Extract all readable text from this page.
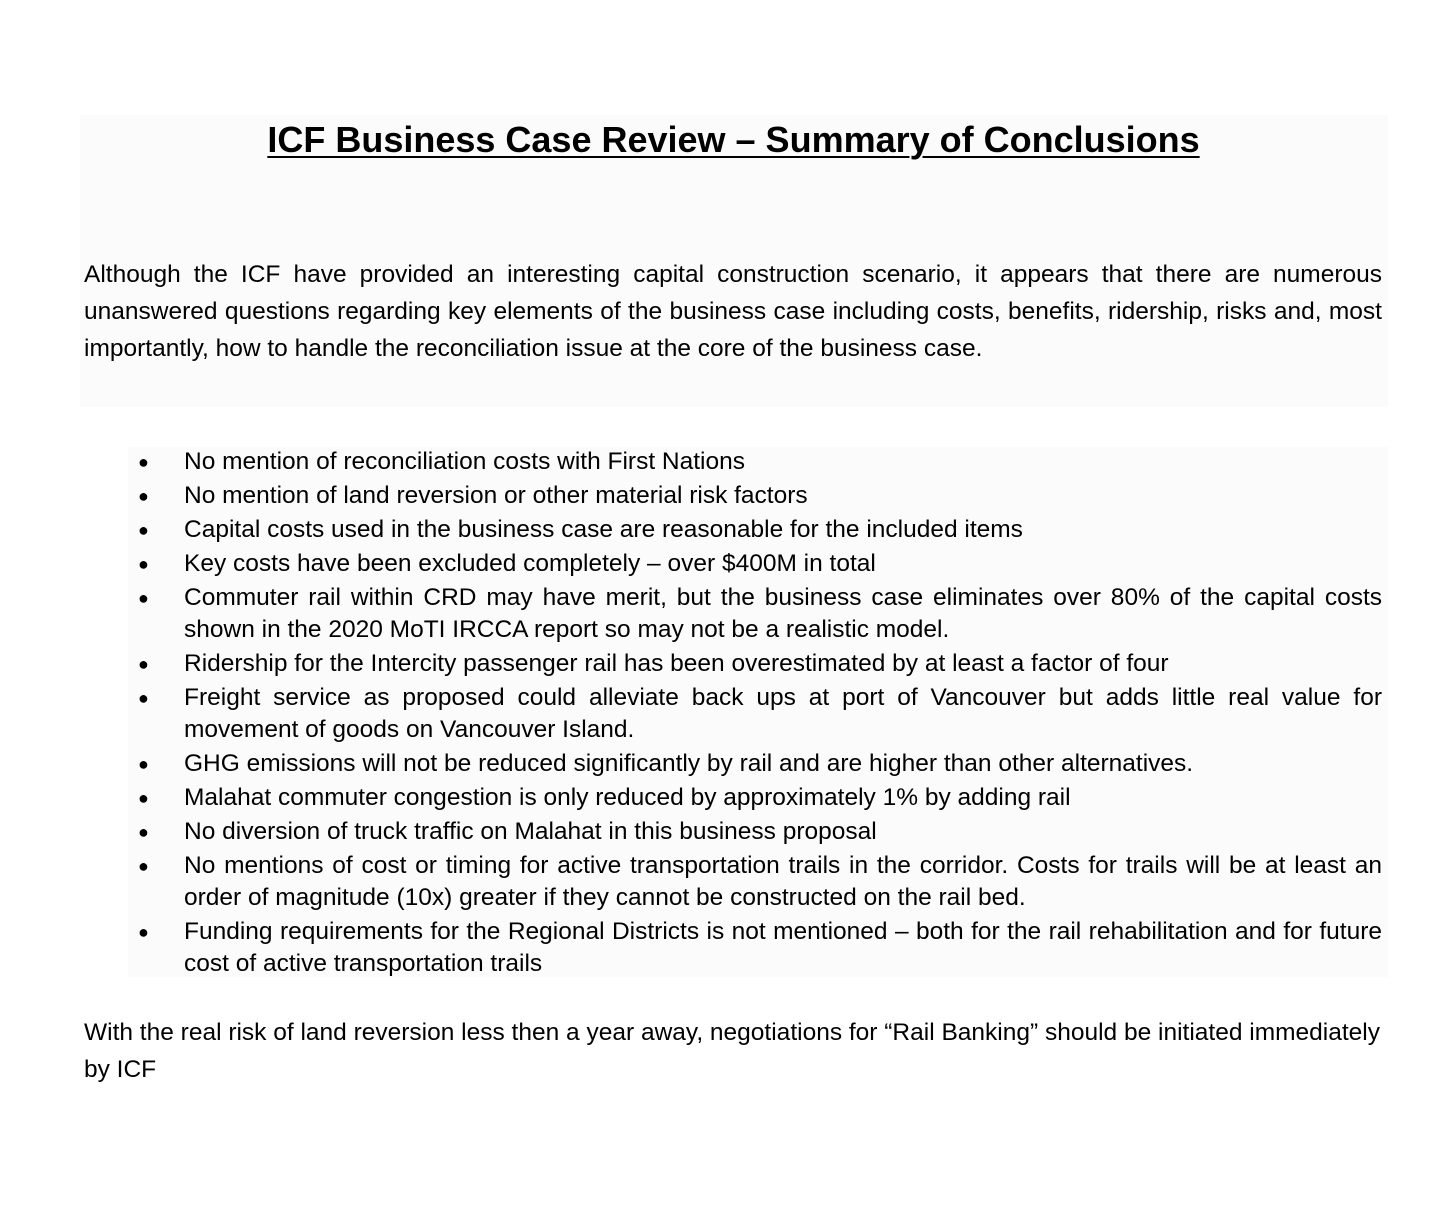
ICF Business Case Review – Summary of Conclusions

Although the ICF have provided an interesting capital construction scenario, it appears that there are numerous unanswered questions regarding key elements of the business case including costs, benefits, ridership, risks and, most importantly, how to handle the reconciliation issue at the core of the business case.

● No mention of reconciliation costs with First Nations
● No mention of land reversion or other material risk factors
● Capital costs used in the business case are reasonable for the included items
● Key costs have been excluded completely – over $400M in total
● Commuter rail within CRD may have merit, but the business case eliminates over 80% of the capital costs shown in the 2020 MoTI IRCCA report so may not be a realistic model.
● Ridership for the Intercity passenger rail has been overestimated by at least a factor of four
● Freight service as proposed could alleviate back ups at port of Vancouver but adds little real value for movement of goods on Vancouver Island.
● GHG emissions will not be reduced significantly by rail and are higher than other alternatives.
● Malahat commuter congestion is only reduced by approximately 1% by adding rail
● No diversion of truck traffic on Malahat in this business proposal
● No mentions of cost or timing for active transportation trails in the corridor. Costs for trails will be at least an order of magnitude (10x) greater if they cannot be constructed on the rail bed.
● Funding requirements for the Regional Districts is not mentioned – both for the rail rehabilitation and for future cost of active transportation trails

With the real risk of land reversion less then a year away, negotiations for “Rail Banking” should be initiated immediately by ICF
